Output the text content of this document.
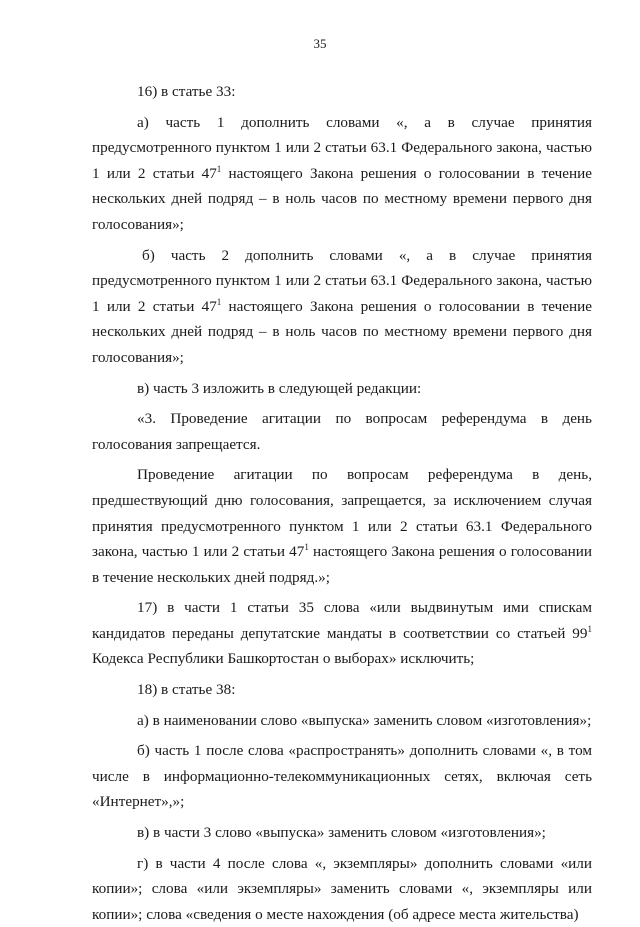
35

16) в статье 33:

а) часть 1 дополнить словами «, а в случае принятия предусмотренного пунктом 1 или 2 статьи 63.1 Федерального закона, частью 1 или 2 статьи $47^1$ настоящего Закона решения о голосовании в течение нескольких дней подряд – в ноль часов по местному времени первого дня голосования»;

б) часть 2 дополнить словами «, а в случае принятия предусмотренного пунктом 1 или 2 статьи 63.1 Федерального закона, частью 1 или 2 статьи $47^1$ настоящего Закона решения о голосовании в течение нескольких дней подряд – в ноль часов по местному времени первого дня голосования»;

в) часть 3 изложить в следующей редакции:

«3. Проведение агитации по вопросам референдума в день голосования запрещается.

Проведение агитации по вопросам референдума в день, предшествующий дню голосования, запрещается, за исключением случая принятия предусмотренного пунктом 1 или 2 статьи 63.1 Федерального закона, частью 1 или 2 статьи $47^1$ настоящего Закона решения о голосовании в течение нескольких дней подряд.»;

17) в части 1 статьи 35 слова «или выдвинутым ими спискам кандидатов переданы депутатские мандаты в соответствии со статьей $99^1$ Кодекса Республики Башкортостан о выборах» исключить;

18) в статье 38:

а) в наименовании слово «выпуска» заменить словом «изготовления»;

б) часть 1 после слова «распространять» дополнить словами «, в том числе в информационно-телекоммуникационных сетях, включая сеть «Интернет»,»;

в) в части 3 слово «выпуска» заменить словом «изготовления»;

г) в части 4 после слова «, экземпляры» дополнить словами «или копии»; слова «или экземпляры» заменить словами «, экземпляры или копии»; слова «сведения о месте нахождения (об адресе места жительства)
